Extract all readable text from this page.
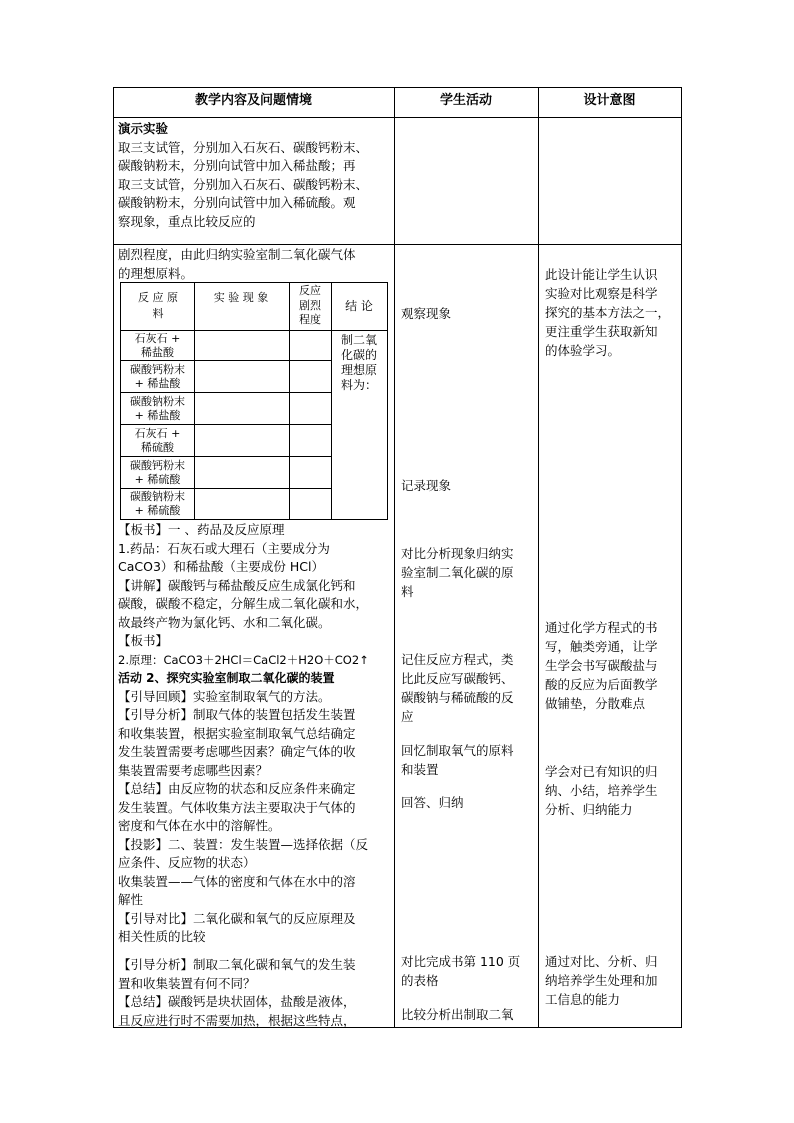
教学内容及问题情境	学生活动	设计意图
演示实验
取三支试管，分别加入石灰石、碳酸钙粉末、
碳酸钠粉末，分别向试管中加入稀盐酸；再
取三支试管，分别加入石灰石、碳酸钙粉末、
碳酸钠粉末，分别向试管中加入稀硫酸。观
察现象，重点比较反应的
剧烈程度，由此归纳实验室制二氧化碳气体
的理想原料。
反 应 原 料
实 验 现 象
反应剧烈程度
结 论
石灰石 +
稀盐酸
碳酸钙粉末
+ 稀盐酸
碳酸钠粉末
+ 稀盐酸
石灰石 +
稀硫酸
碳酸钙粉末
+ 稀硫酸
碳酸钠粉末
+ 稀硫酸
制二氧
化碳的
理想原
料为：
【板书】一 、药品及反应原理
1.药品：石灰石或大理石（主要成分为
CaCO3）和稀盐酸（主要成份 HCl）
【讲解】碳酸钙与稀盐酸反应生成氯化钙和
碳酸，碳酸不稳定，分解生成二氧化碳和水，
故最终产物为氯化钙、水和二氧化碳。
【板书】
2.原理：CaCO3＋2HCl＝CaCl2＋H2O＋CO2↑
活动 2、探究实验室制取二氧化碳的装置
【引导回顾】实验室制取氧气的方法。
【引导分析】制取气体的装置包括发生装置
和收集装置，根据实验室制取氧气总结确定
发生装置需要考虑哪些因素？确定气体的收
集装置需要考虑哪些因素？
【总结】由反应物的状态和反应条件来确定
发生装置。气体收集方法主要取决于气体的
密度和气体在水中的溶解性。
【投影】二、装置：发生装置—选择依据（反
应条件、反应物的状态）
收集装置——气体的密度和气体在水中的溶
解性
【引导对比】二氧化碳和氧气的反应原理及
相关性质的比较
【引导分析】制取二氧化碳和氧气的发生装
置和收集装置有何不同？
【总结】碳酸钙是块状固体，盐酸是液体，
且反应进行时不需要加热，根据这些特点，
观察现象
记录现象
对比分析现象归纳实
验室制二氧化碳的原
料
记住反应方程式，类
比此反应写碳酸钙、
碳酸钠与稀硫酸的反
应
回忆制取氧气的原料
和装置
回答、归纳
对比完成书第 110 页
的表格
比较分析出制取二氧
此设计能让学生认识
实验对比观察是科学
探究的基本方法之一，
更注重学生获取新知
的体验学习。
通过化学方程式的书
写，触类旁通，让学
生学会书写碳酸盐与
酸的反应为后面教学
做铺垫，分散难点
学会对已有知识的归
纳、小结，培养学生
分析、归纳能力
通过对比、分析、归
纳培养学生处理和加
工信息的能力
